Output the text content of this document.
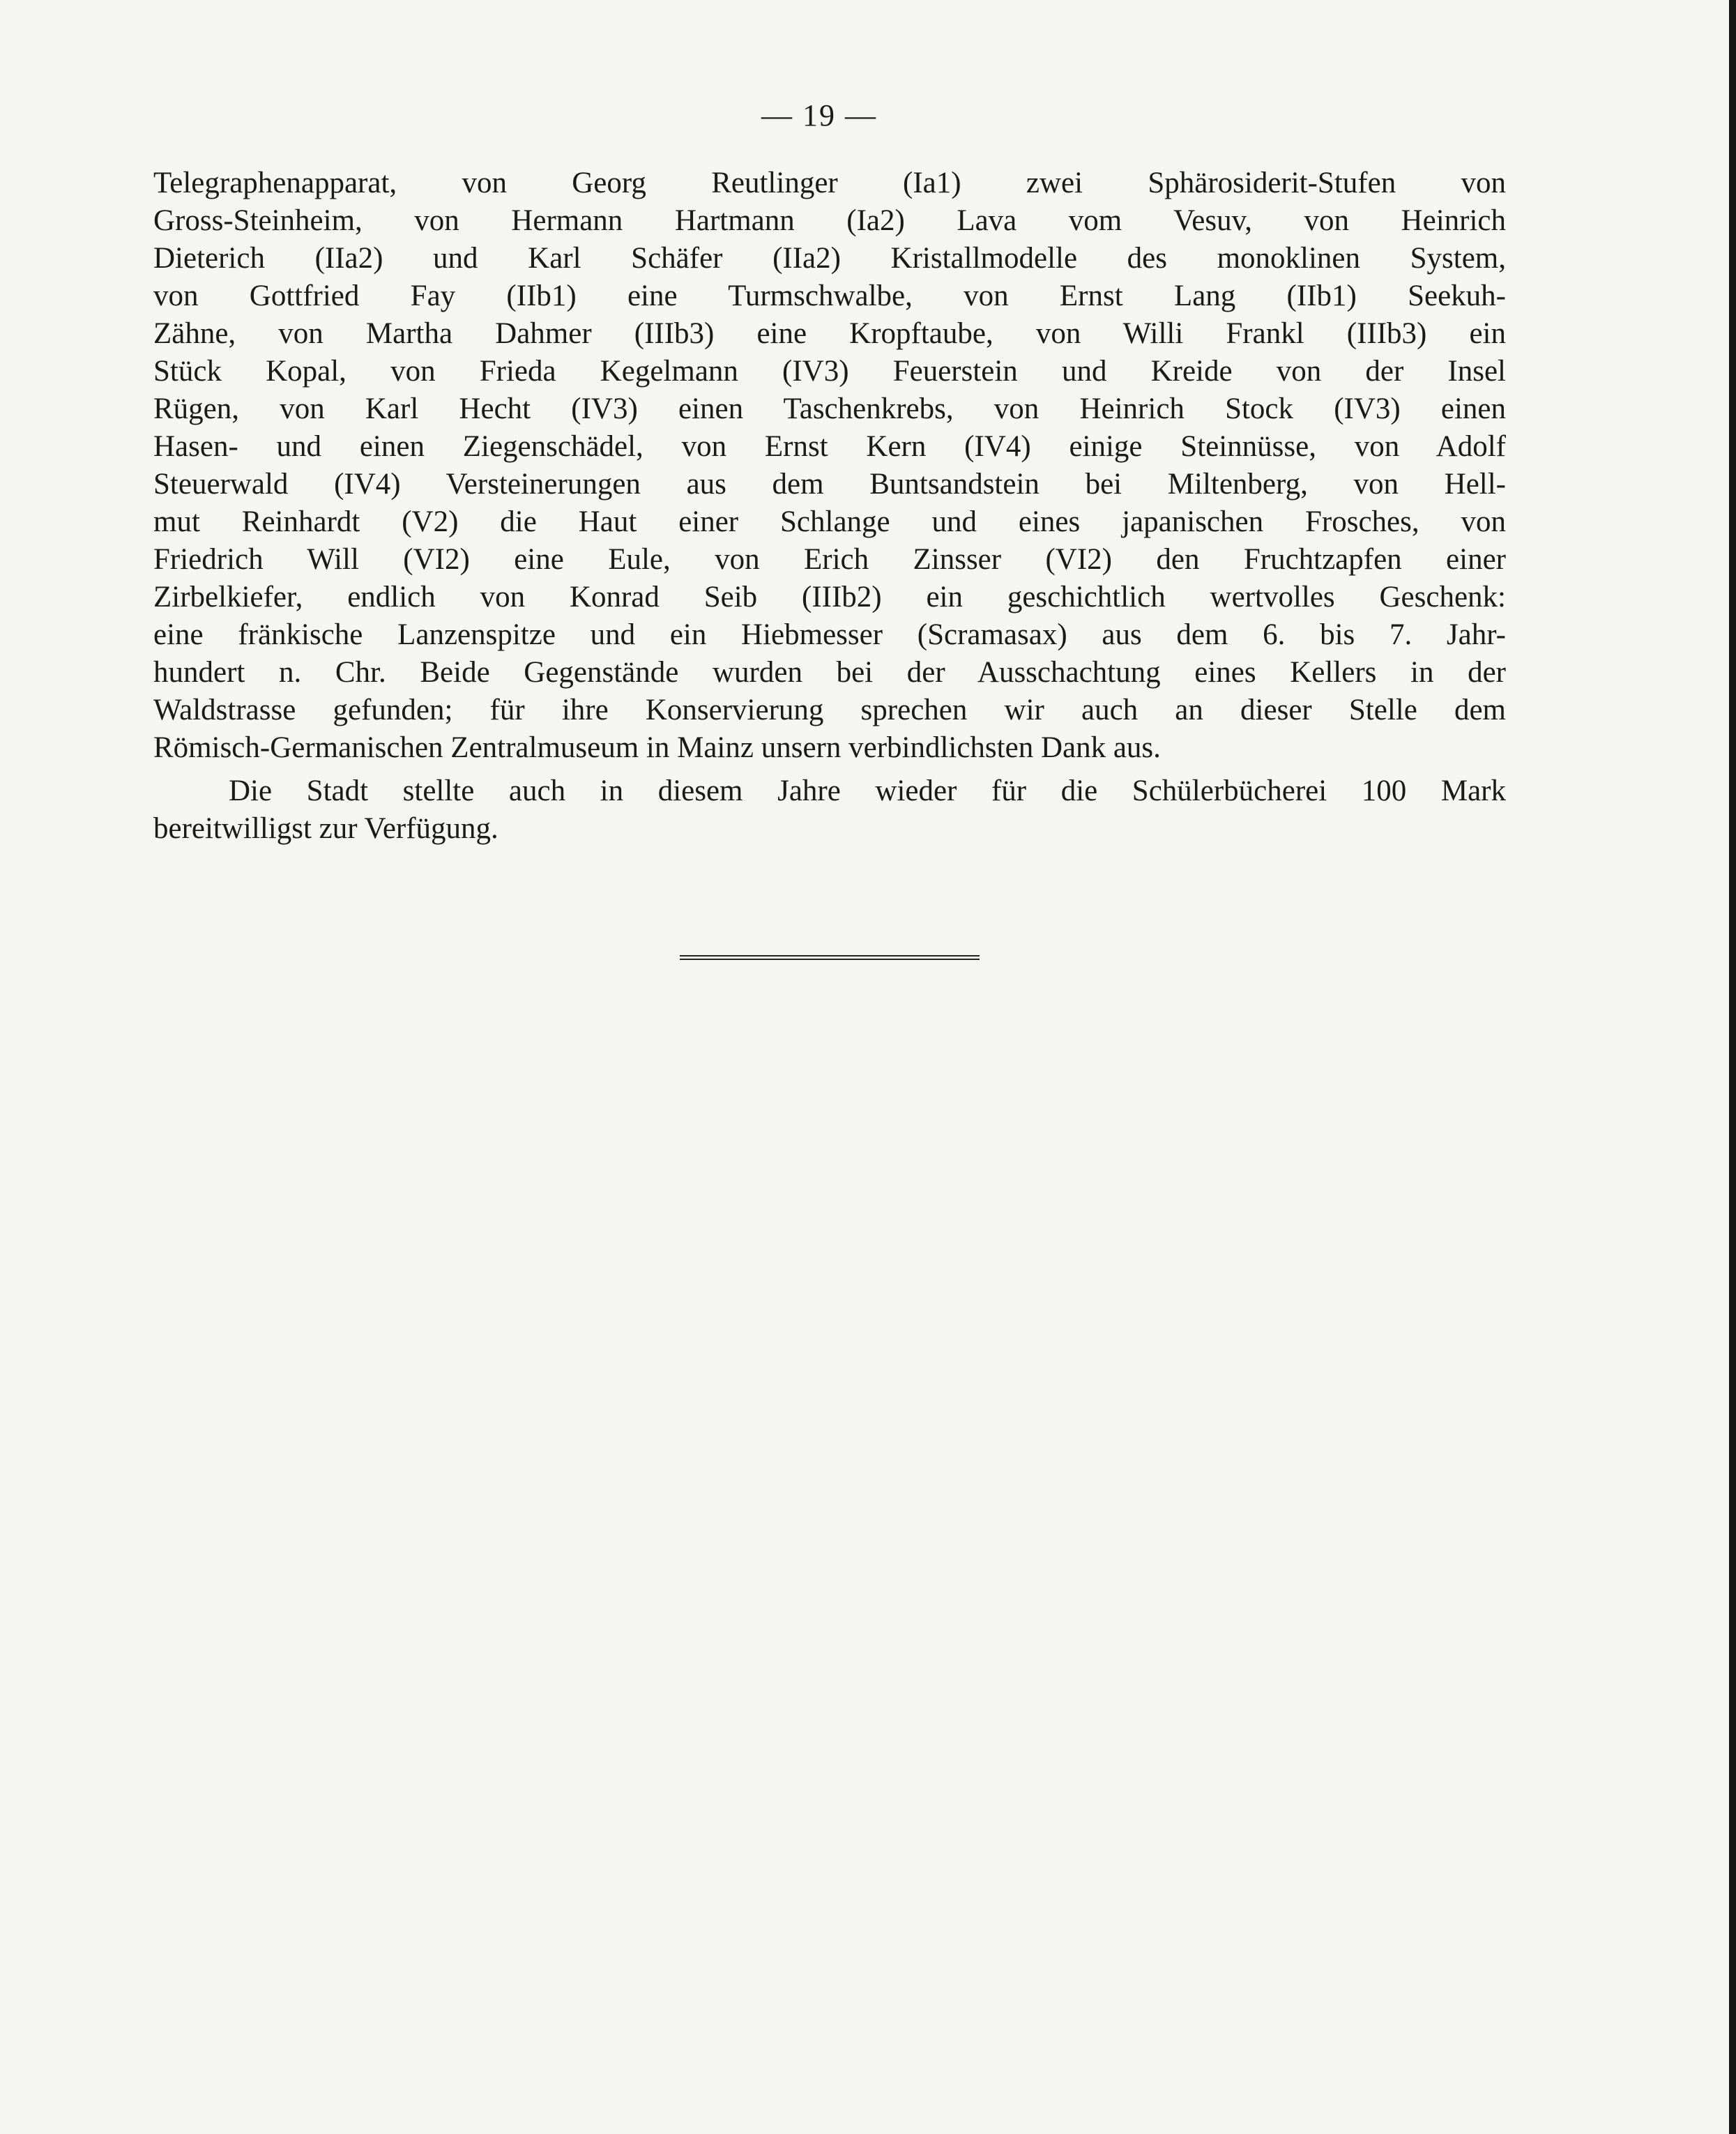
— 19 —
Telegraphenapparat, von Georg Reutlinger (Ia1) zwei Sphärosiderit-Stufen von
Gross-Steinheim, von Hermann Hartmann (Ia2) Lava vom Vesuv, von Heinrich
Dieterich (IIa2) und Karl Schäfer (IIa2) Kristallmodelle des monoklinen System,
von Gottfried Fay (IIb1) eine Turmschwalbe, von Ernst Lang (IIb1) Seekuh-
Zähne, von Martha Dahmer (IIIb3) eine Kropftaube, von Willi Frankl (IIIb3) ein
Stück Kopal, von Frieda Kegelmann (IV3) Feuerstein und Kreide von der Insel
Rügen, von Karl Hecht (IV3) einen Taschenkrebs, von Heinrich Stock (IV3) einen
Hasen- und einen Ziegenschädel, von Ernst Kern (IV4) einige Steinnüsse, von Adolf
Steuerwald (IV4) Versteinerungen aus dem Buntsandstein bei Miltenberg, von Hell-
mut Reinhardt (V2) die Haut einer Schlange und eines japanischen Frosches, von
Friedrich Will (VI2) eine Eule, von Erich Zinsser (VI2) den Fruchtzapfen einer
Zirbelkiefer, endlich von Konrad Seib (IIIb2) ein geschichtlich wertvolles Geschenk:
eine fränkische Lanzenspitze und ein Hiebmesser (Scramasax) aus dem 6. bis 7. Jahr-
hundert n. Chr. Beide Gegenstände wurden bei der Ausschachtung eines Kellers in der
Waldstrasse gefunden; für ihre Konservierung sprechen wir auch an dieser Stelle dem
Römisch-Germanischen Zentralmuseum in Mainz unsern verbindlichsten Dank aus.
Die Stadt stellte auch in diesem Jahre wieder für die Schülerbücherei 100 Mark
bereitwilligst zur Verfügung.
